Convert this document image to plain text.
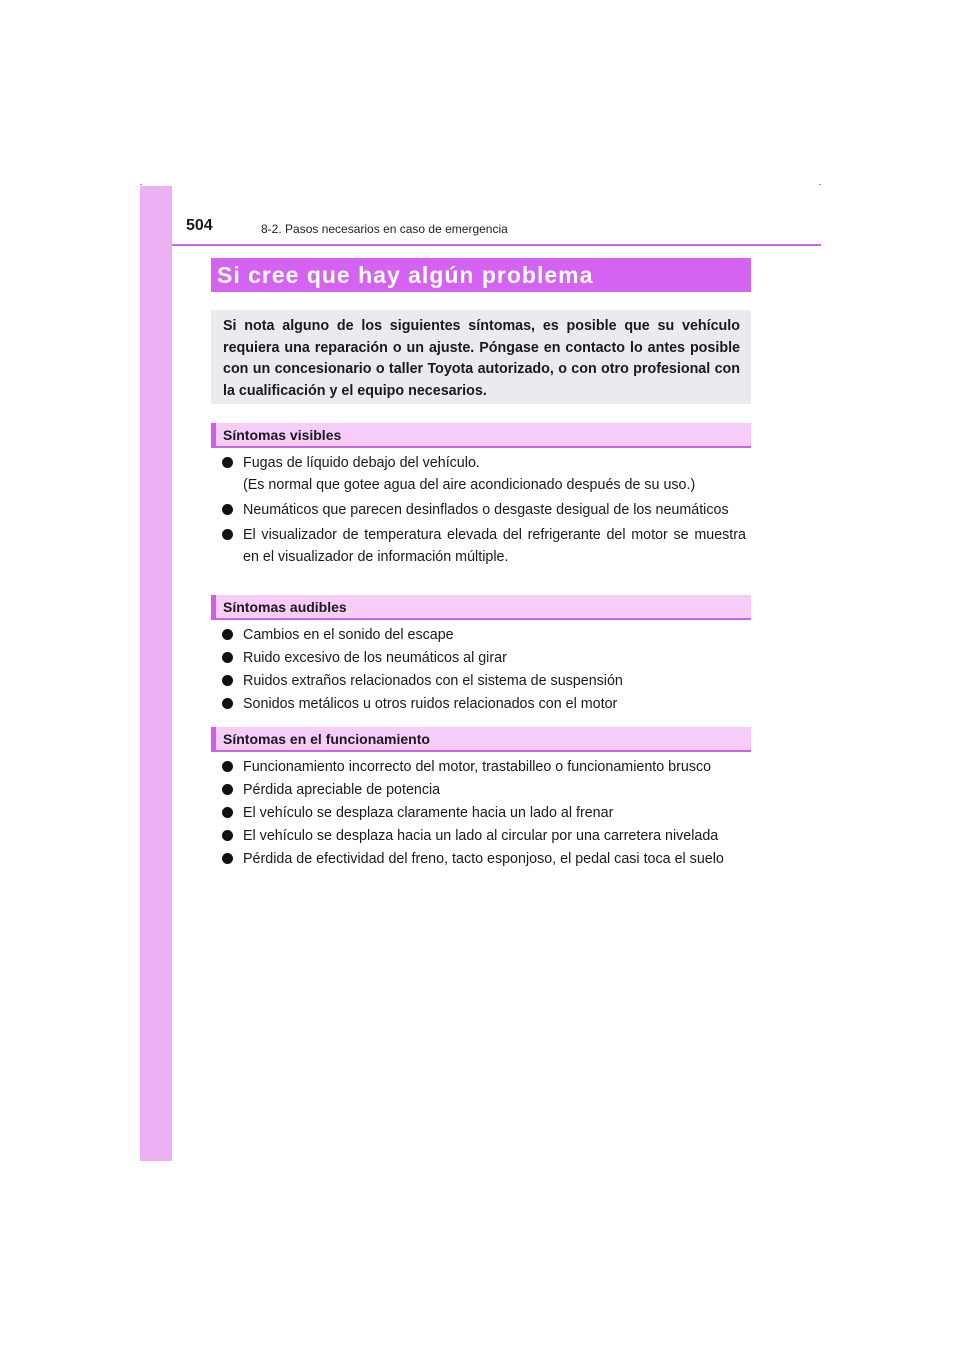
504	8-2. Pasos necesarios en caso de emergencia
Si cree que hay algún problema

Si nota alguno de los siguientes síntomas, es posible que su vehículo requiera una reparación o un ajuste. Póngase en contacto lo antes posible con un concesionario o taller Toyota autorizado, o con otro profesional con la cualificación y el equipo necesarios.

Síntomas visibles
Fugas de líquido debajo del vehículo.
(Es normal que gotee agua del aire acondicionado después de su uso.)
Neumáticos que parecen desinflados o desgaste desigual de los neumáticos
El visualizador de temperatura elevada del refrigerante del motor se muestra en el visualizador de información múltiple.
Síntomas audibles
Cambios en el sonido del escape
Ruido excesivo de los neumáticos al girar
Ruidos extraños relacionados con el sistema de suspensión
Sonidos metálicos u otros ruidos relacionados con el motor
Síntomas en el funcionamiento
Funcionamiento incorrecto del motor, trastabilleo o funcionamiento brusco
Pérdida apreciable de potencia
El vehículo se desplaza claramente hacia un lado al frenar
El vehículo se desplaza hacia un lado al circular por una carretera nivelada
Pérdida de efectividad del freno, tacto esponjoso, el pedal casi toca el suelo
